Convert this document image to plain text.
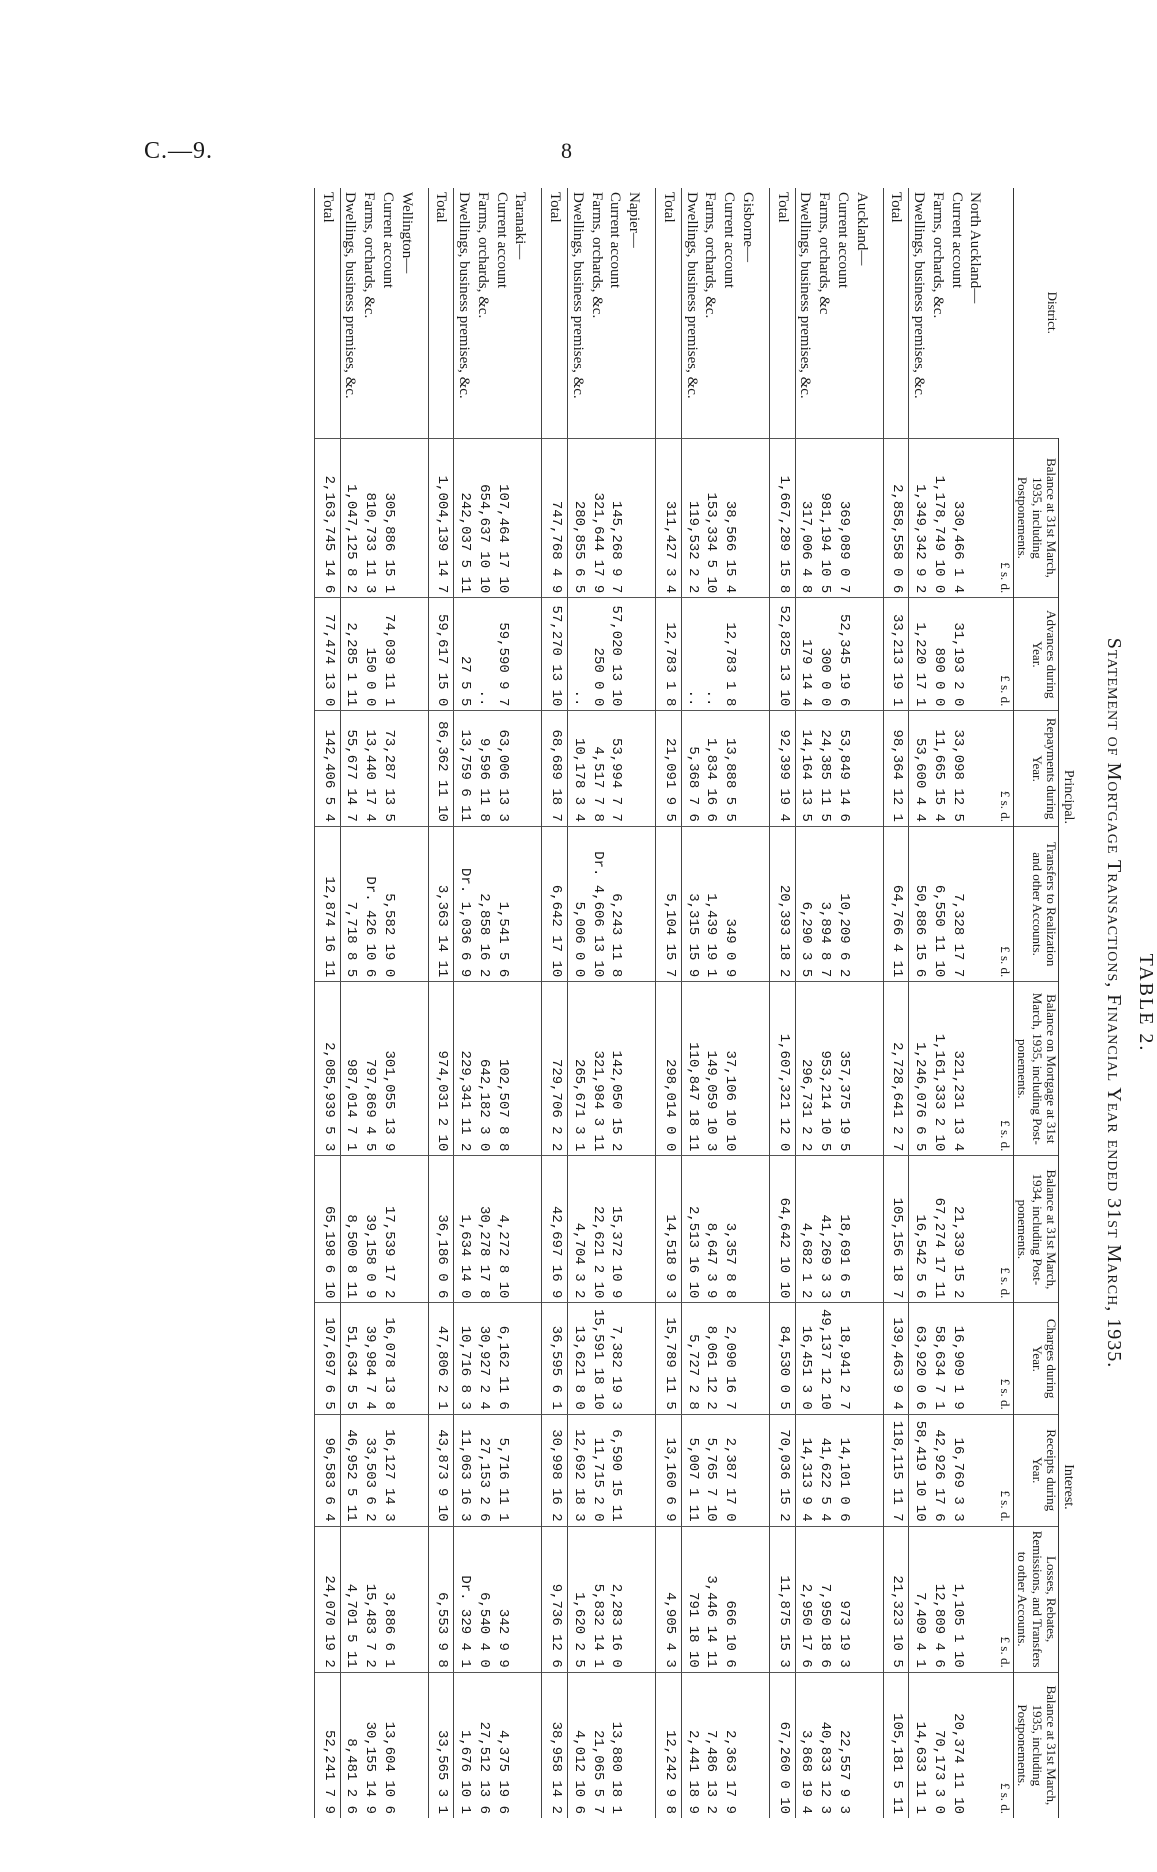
C.—9.	8
TABLE 2.
Statement of Mortgage Transactions, Financial Year ended 31st March, 1935.
	Principal.					Interest.				
District.	Balance at 31st March, 1935, including Postponements.	Advances during Year.	Repayments during Year.	Transfers to Realization and other Accounts.	Balance on Mortgage at 31st March, 1935, including Post-ponements.	Balance at 31st March, 1934, including Post-ponements.	Charges during Year.	Receipts during Year.	Losses, Rebates, Remissions, and Transfers to other Accounts.	Balance at 31st March, 1935, including Postponements.
	£ s. d.	£ s. d.	£ s. d.	£ s. d.	£ s. d.	£ s. d.	£ s. d.	£ s. d.	£ s. d.	£ s. d.
North Auckland—										
Current account	330,466 1 4	31,193 2 0	33,098 12 5	7,328 17 7	321,231 13 4	21,339 15 2	16,909 1 9	16,769 3 3	1,105 1 10	20,374 11 10
Farms, orchards, &c.	1,178,749 10 0	890 0 0	11,665 15 4	6,550 11 10	1,161,333 2 10	67,274 17 11	58,634 7 1	42,926 17 6	12,809 4 6	70,173 3 0
Dwellings, business premises, &c.	1,349,342 9 2	1,220 17 1	53,600 4 4	50,886 15 6	1,246,076 6 5	16,542 5 6	63,920 0 6	58,419 10 10	7,409 4 1	14,633 11 1
Total	2,858,558 0 6	33,213 19 1	98,364 12 1	64,766 4 11	2,728,641 2 7	105,156 18 7	139,463 9 4	118,115 11 7	21,323 10 5	105,181 5 11
Auckland—										
Current account	369,089 0 7	52,345 19 6	53,849 14 6	10,209 6 2	357,375 19 5	18,691 6 5	18,941 2 7	14,101 0 6	973 19 3	22,557 9 3
Farms, orchards, &c	981,194 10 5	300 0 0	24,385 11 5	3,894 8 7	953,214 10 5	41,269 3 3	49,137 12 10	41,622 5 4	7,950 18 6	40,833 12 3
Dwellings, business premises, &c.	317,006 4 8	179 14 4	14,164 13 5	6,290 3 5	296,731 2 2	4,682 1 2	16,451 3 0	14,313 9 4	2,950 17 6	3,868 19 4
Total	1,667,289 15 8	52,825 13 10	92,399 19 4	20,393 18 2	1,607,321 12 0	64,642 10 10	84,530 0 5	70,036 15 2	11,875 15 3	67,260 0 10
Gisborne—										
Current account	38,566 15 4	12,783 1 8	13,888 5 5	349 0 9	37,106 10 10	3,357 8 8	2,090 16 7	2,387 17 0	666 10 6	2,363 17 9
Farms, orchards, &c.	153,334 5 10	..	1,834 16 6	1,439 19 1	149,059 10 3	8,647 3 9	8,061 12 2	5,765 7 10	3,446 14 11	7,486 13 2
Dwellings, business premises, &c.	119,532 2 2	..	5,368 7 6	3,315 15 9	110,847 18 11	2,513 16 10	5,727 2 8	5,007 1 11	791 18 10	2,441 18 9
Total	311,427 3 4	12,783 1 8	21,091 9 5	5,104 15 7	298,014 0 0	14,518 9 3	15,789 11 5	13,160 6 9	4,905 4 3	12,242 9 8
Napier—										
Current account	145,268 9 7	57,020 13 10	53,994 7 7	6,243 11 8	142,050 15 2	15,372 10 9	7,382 19 3	6,590 15 11	2,283 16 0	13,880 18 1
Farms, orchards, &c.	321,644 17 9	250 0 0	4,517 7 8	Dr. 4,606 13 10	321,984 3 11	22,621 2 10	15,591 18 10	11,715 2 0	5,832 14 1	21,065 5 7
Dwellings, business premises, &c.	280,855 6 5	..	10,178 3 4	5,006 0 0	265,671 3 1	4,704 3 2	13,621 8 0	12,692 18 3	1,620 2 5	4,012 10 6
Total	747,768 4 9	57,270 13 10	68,689 18 7	6,642 17 10	729,706 2 2	42,697 16 9	36,595 6 1	30,998 16 2	9,736 12 6	38,958 14 2
Taranaki—										
Current account	107,464 17 10	59,590 9 7	63,006 13 3	1,541 5 6	102,507 8 8	4,272 8 10	6,162 11 6	5,716 11 1	342 9 9	4,375 19 6
Farms, orchards, &c.	654,637 10 10	..	9,596 11 8	2,858 16 2	642,182 3 0	30,278 17 8	30,927 2 4	27,153 2 6	6,540 4 0	27,512 13 6
Dwellings, business premises, &c.	242,037 5 11	27 5 5	13,759 6 11	Dr. 1,036 6 9	229,341 11 2	1,634 14 0	10,716 8 3	11,063 16 3	Dr. 329 4 1	1,676 10 1
Total	1,004,139 14 7	59,617 15 0	86,362 11 10	3,363 14 11	974,031 2 10	36,186 0 6	47,806 2 1	43,873 9 10	6,553 9 8	33,565 3 1
Wellington—										
Current account	305,886 15 1	74,039 11 1	73,287 13 5	5,582 19 0	301,055 13 9	17,539 17 2	16,078 13 8	16,127 14 3	3,886 6 1	13,604 10 6
Farms, orchards, &c.	810,733 11 3	150 0 0	13,440 17 4	Dr. 426 10 6	797,869 4 5	39,158 0 9	39,984 7 4	33,503 6 2	15,483 7 2	30,155 14 9
Dwellings, business premises, &c.	1,047,125 8 2	2,285 1 11	55,677 14 7	7,718 8 5	987,014 7 1	8,500 8 11	51,634 5 5	46,952 5 11	4,701 5 11	8,481 2 6
Total	2,163,745 14 6	77,474 13 0	142,406 5 4	12,874 16 11	2,085,939 5 3	65,198 6 10	107,697 6 5	96,583 6 4	24,070 19 2	52,241 7 9
